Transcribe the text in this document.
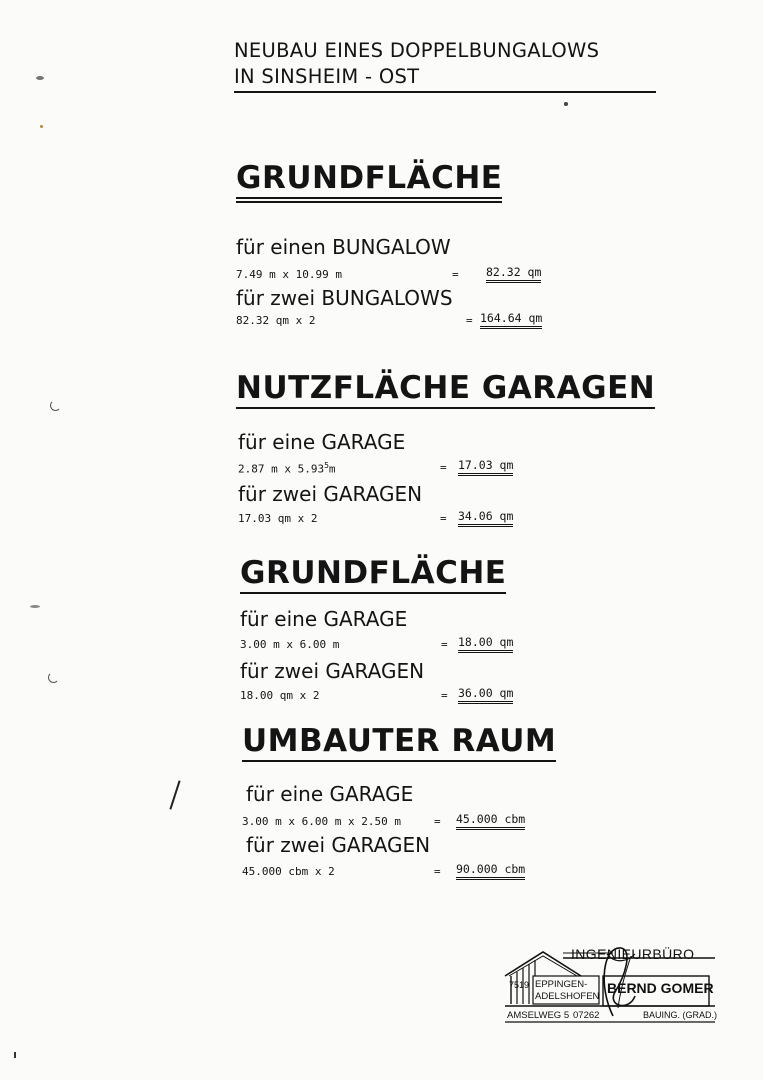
NEUBAU EINES DOPPELBUNGALOWS
IN SINSHEIM - OST
GRUNDFLÄCHE
für einen BUNGALOW
7.49 m x 10.99 m	= 82.32 qm
für zwei BUNGALOWS
82.32 qm x 2	= 164.64 qm
NUTZFLÄCHE GARAGEN
für eine GARAGE
2.87 m x $5.93^5m$	= 17.03 qm
für zwei GARAGEN
17.03 qm x 2	= 34.06 qm
GRUNDFLÄCHE
für eine GARAGE
3.00 m x 6.00 m	= 18.00 qm
für zwei GARAGEN
18.00 qm x 2	= 36.00 qm
UMBAUTER RAUM
für eine GARAGE
3.00 m x 6.00 m x 2.50 m	= 45.000 cbm
für zwei GARAGEN
45.000 cbm x 2	= 90.000 cbm
INGENIEURBÜRO
7519 EPPINGEN-
ADELSHOFEN
BERND GOMER
AMSELWEG 5 07262	BAUING. (GRAD.)
